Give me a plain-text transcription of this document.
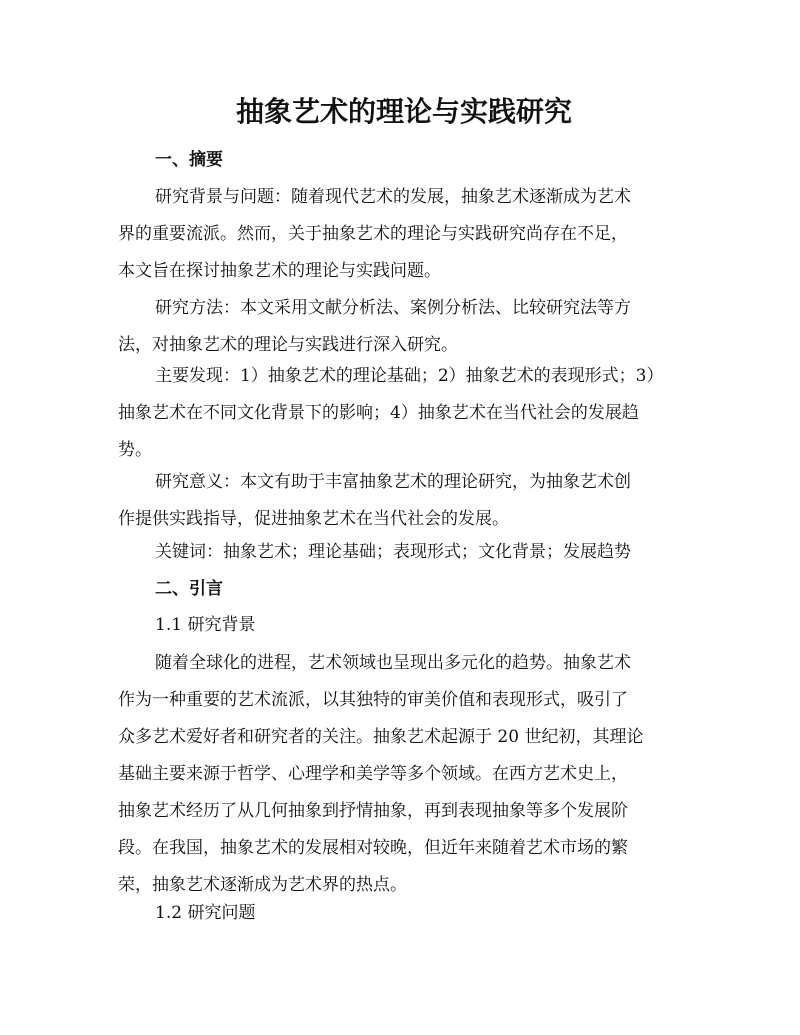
抽象艺术的理论与实践研究

一、摘要

研究背景与问题：随着现代艺术的发展，抽象艺术逐渐成为艺术
界的重要流派。然而，关于抽象艺术的理论与实践研究尚存在不足，
本文旨在探讨抽象艺术的理论与实践问题。

研究方法：本文采用文献分析法、案例分析法、比较研究法等方
法，对抽象艺术的理论与实践进行深入研究。

主要发现：1）抽象艺术的理论基础；2）抽象艺术的表现形式；3）
抽象艺术在不同文化背景下的影响；4）抽象艺术在当代社会的发展趋
势。

研究意义：本文有助于丰富抽象艺术的理论研究，为抽象艺术创
作提供实践指导，促进抽象艺术在当代社会的发展。

关键词：抽象艺术；理论基础；表现形式；文化背景；发展趋势

二、引言

1.1 研究背景

随着全球化的进程，艺术领域也呈现出多元化的趋势。抽象艺术
作为一种重要的艺术流派，以其独特的审美价值和表现形式，吸引了
众多艺术爱好者和研究者的关注。抽象艺术起源于 20 世纪初，其理论
基础主要来源于哲学、心理学和美学等多个领域。在西方艺术史上，
抽象艺术经历了从几何抽象到抒情抽象，再到表现抽象等多个发展阶
段。在我国，抽象艺术的发展相对较晚，但近年来随着艺术市场的繁
荣，抽象艺术逐渐成为艺术界的热点。

1.2 研究问题
